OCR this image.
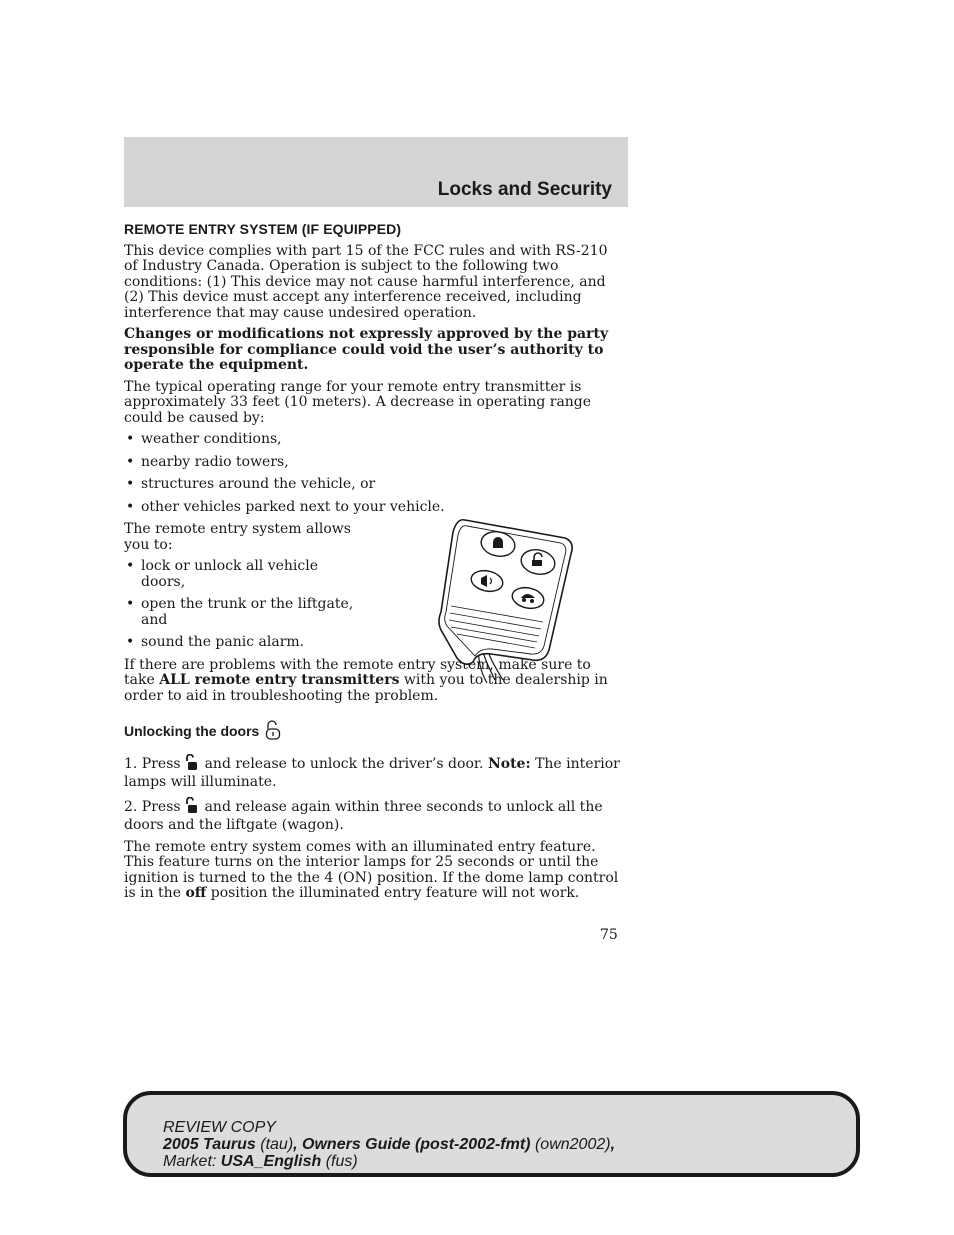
Locks and Security
REMOTE ENTRY SYSTEM (IF EQUIPPED)

This device complies with part 15 of the FCC rules and with RS-210 of Industry Canada. Operation is subject to the following two conditions: (1) This device may not cause harmful interference, and (2) This device must accept any interference received, including interference that may cause undesired operation.

Changes or modifications not expressly approved by the party responsible for compliance could void the user’s authority to operate the equipment.

The typical operating range for your remote entry transmitter is approximately 33 feet (10 meters). A decrease in operating range could be caused by:

• weather conditions,
• nearby radio towers,
• structures around the vehicle, or
• other vehicles parked next to your vehicle.

The remote entry system allows you to:

• lock or unlock all vehicle doors,
• open the trunk or the liftgate, and
• sound the panic alarm.

If there are problems with the remote entry system, make sure to take ALL remote entry transmitters with you to the dealership in order to aid in troubleshooting the problem.

Unlocking the doors

1. Press and release to unlock the driver’s door. Note: The interior lamps will illuminate.

2. Press and release again within three seconds to unlock all the doors and the liftgate (wagon).

The remote entry system comes with an illuminated entry feature. This feature turns on the interior lamps for 25 seconds or until the ignition is turned to the the 4 (ON) position. If the dome lamp control is in the off position the illuminated entry feature will not work.

75
REVIEW COPY
2005 Taurus (tau), Owners Guide (post-2002-fmt) (own2002),
Market: USA_English (fus)
